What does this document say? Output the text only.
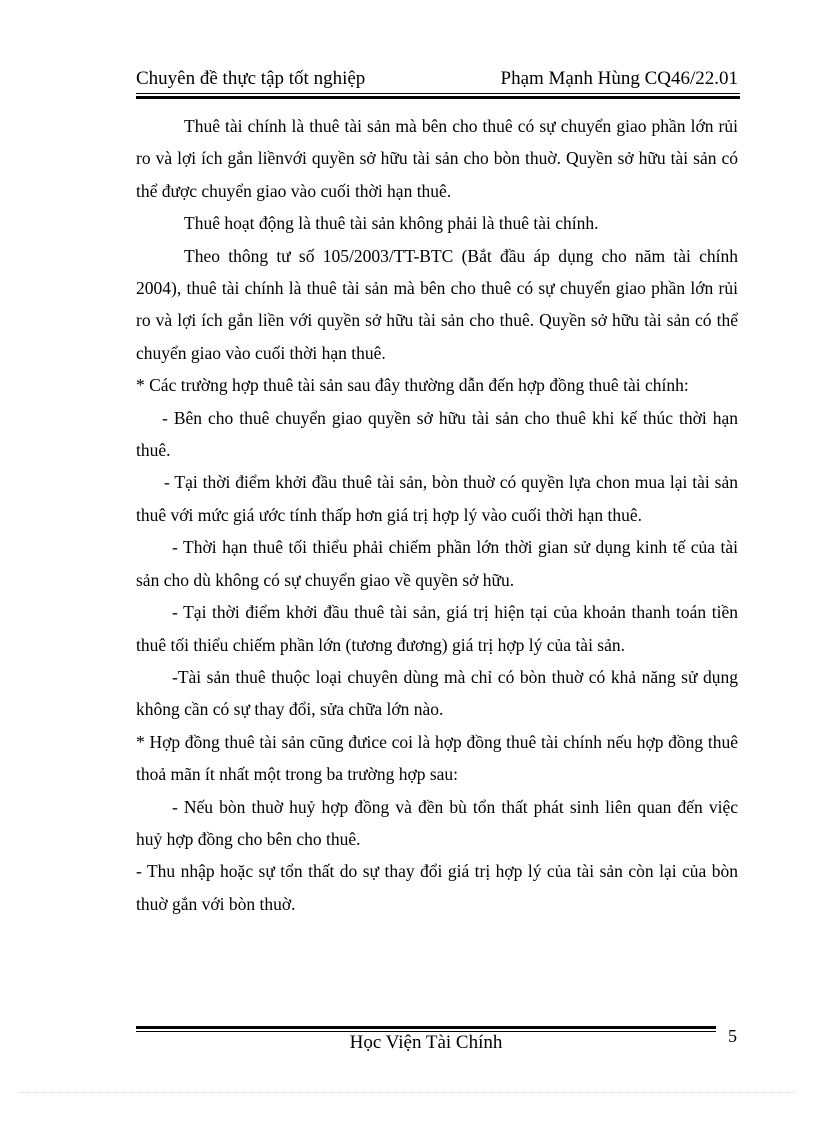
Chuyên đề thực tập tốt nghiệp	Phạm Mạnh Hùng CQ46/22.01

Thuê tài chính là thuê tài sản mà bên cho thuê có sự chuyển giao phần lớn rủi ro và lợi ích gắn liềnvới quyền sở hữu tài sản cho bòn thuờ. Quyền sở hữu tài sản có thể được chuyển giao vào cuối thời hạn thuê.

Thuê hoạt động là thuê tài sản không phải là thuê tài chính.

Theo thông tư số 105/2003/TT-BTC (Bắt đầu áp dụng cho năm tài chính 2004), thuê tài chính là thuê tài sản mà bên cho thuê có sự chuyển giao phần lớn rủi ro và lợi ích gắn liền với quyền sở hữu tài sản cho thuê. Quyền sở hữu tài sản có thể chuyển giao vào cuối thời hạn thuê.

* Các trường hợp thuê tài sản sau đây thường dẫn đến hợp đồng thuê tài chính:

- Bên cho thuê chuyển giao quyền sở hữu tài sản cho thuê khi kế thúc thời hạn thuê.

- Tại thời điểm khởi đầu thuê tài sản, bòn thuờ có quyền lựa chon mua lại tài sản thuê với mức giá ước tính thấp hơn giá trị hợp lý vào cuối thời hạn thuê.

- Thời hạn thuê tối thiểu phải chiếm phần lớn thời gian sử dụng kinh tế của tài sản cho dù không có sự chuyển giao về quyền sở hữu.

- Tại thời điểm khởi đầu thuê tài sản, giá trị hiện tại của khoản thanh toán tiền thuê tối thiểu chiếm phần lớn (tương đương) giá trị hợp lý của tài sản.

-Tài sản thuê thuộc loại chuyên dùng mà chỉ có bòn thuờ có khả năng sử dụng không cần có sự thay đổi, sửa chữa lớn nào.

* Hợp đồng thuê tài sản cũng đưice coi là hợp đồng thuê tài chính nếu hợp đồng thuê thoả mãn ít nhất một trong ba trường hợp sau:

- Nếu bòn thuờ huỷ hợp đồng và đền bù tổn thất phát sinh liên quan đến việc huỷ hợp đồng cho bên cho thuê.

- Thu nhập hoặc sự tổn thất do sự thay đổi giá trị hợp lý của tài sản còn lại của bòn thuờ gắn với bòn thuờ.

Học Viện Tài Chính	5
